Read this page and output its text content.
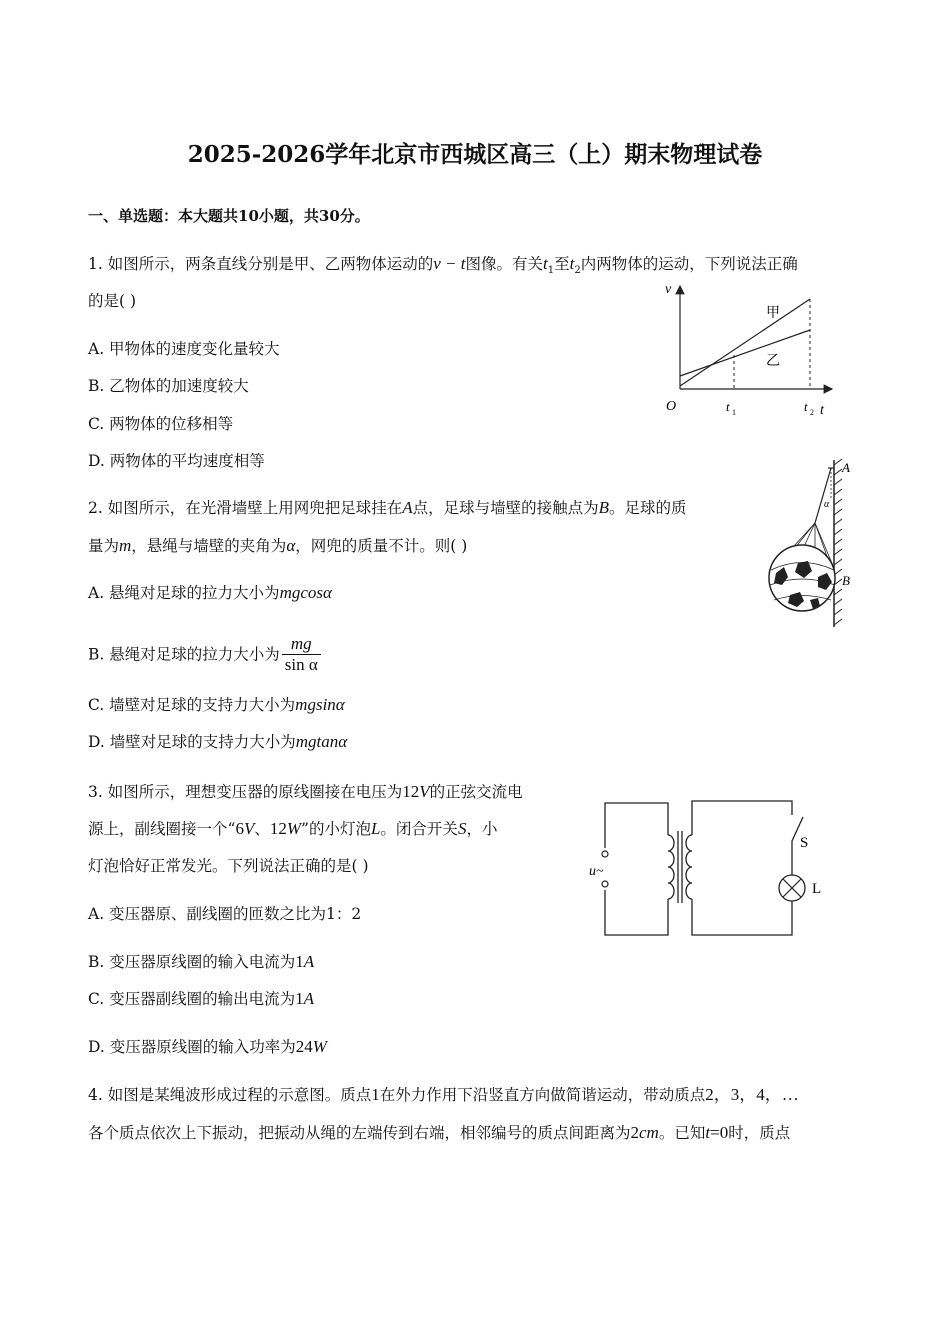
2025-2026学年北京市西城区高三（上）期末物理试卷
一、单选题：本大题共10小题，共30分。
1. 如图所示，两条直线分别是甲、乙两物体运动的v − t图像。有关$t_1$至$t_2$内两物体的运动，下列说法正确
的是( )
A. 甲物体的速度变化量较大
B. 乙物体的加速度较大
C. 两物体的位移相等
D. 两物体的平均速度相等
v
O	t
甲
乙
t 1	t 2
2. 如图所示，在光滑墙壁上用网兜把足球挂在A点，足球与墙壁的接触点为B。足球的质
量为m，悬绳与墙壁的夹角为α，网兜的质量不计。则( )
A. 悬绳对足球的拉力大小为mgcosα
B. 悬绳对足球的拉力大小为 $\frac{mg}{\text{sin α}}$
C. 墙壁对足球的支持力大小为mgsinα
D. 墙壁对足球的支持力大小为mgtanα
A
B
α
3. 如图所示，理想变压器的原线圈接在电压为12V的正弦交流电
源上，副线圈接一个“6V、12W”的小灯泡L。闭合开关S，小
灯泡恰好正常发光。下列说法正确的是( )
A. 变压器原、副线圈的匝数之比为1：2
B. 变压器原线圈的输入电流为1A
C. 变压器副线圈的输出电流为1A
D. 变压器原线圈的输入功率为24W
u~
S
L
4. 如图是某绳波形成过程的示意图。质点1在外力作用下沿竖直方向做简谐运动，带动质点2，3，4，…
各个质点依次上下振动，把振动从绳的左端传到右端，相邻编号的质点间距离为2cm。已知t=0时，质点
